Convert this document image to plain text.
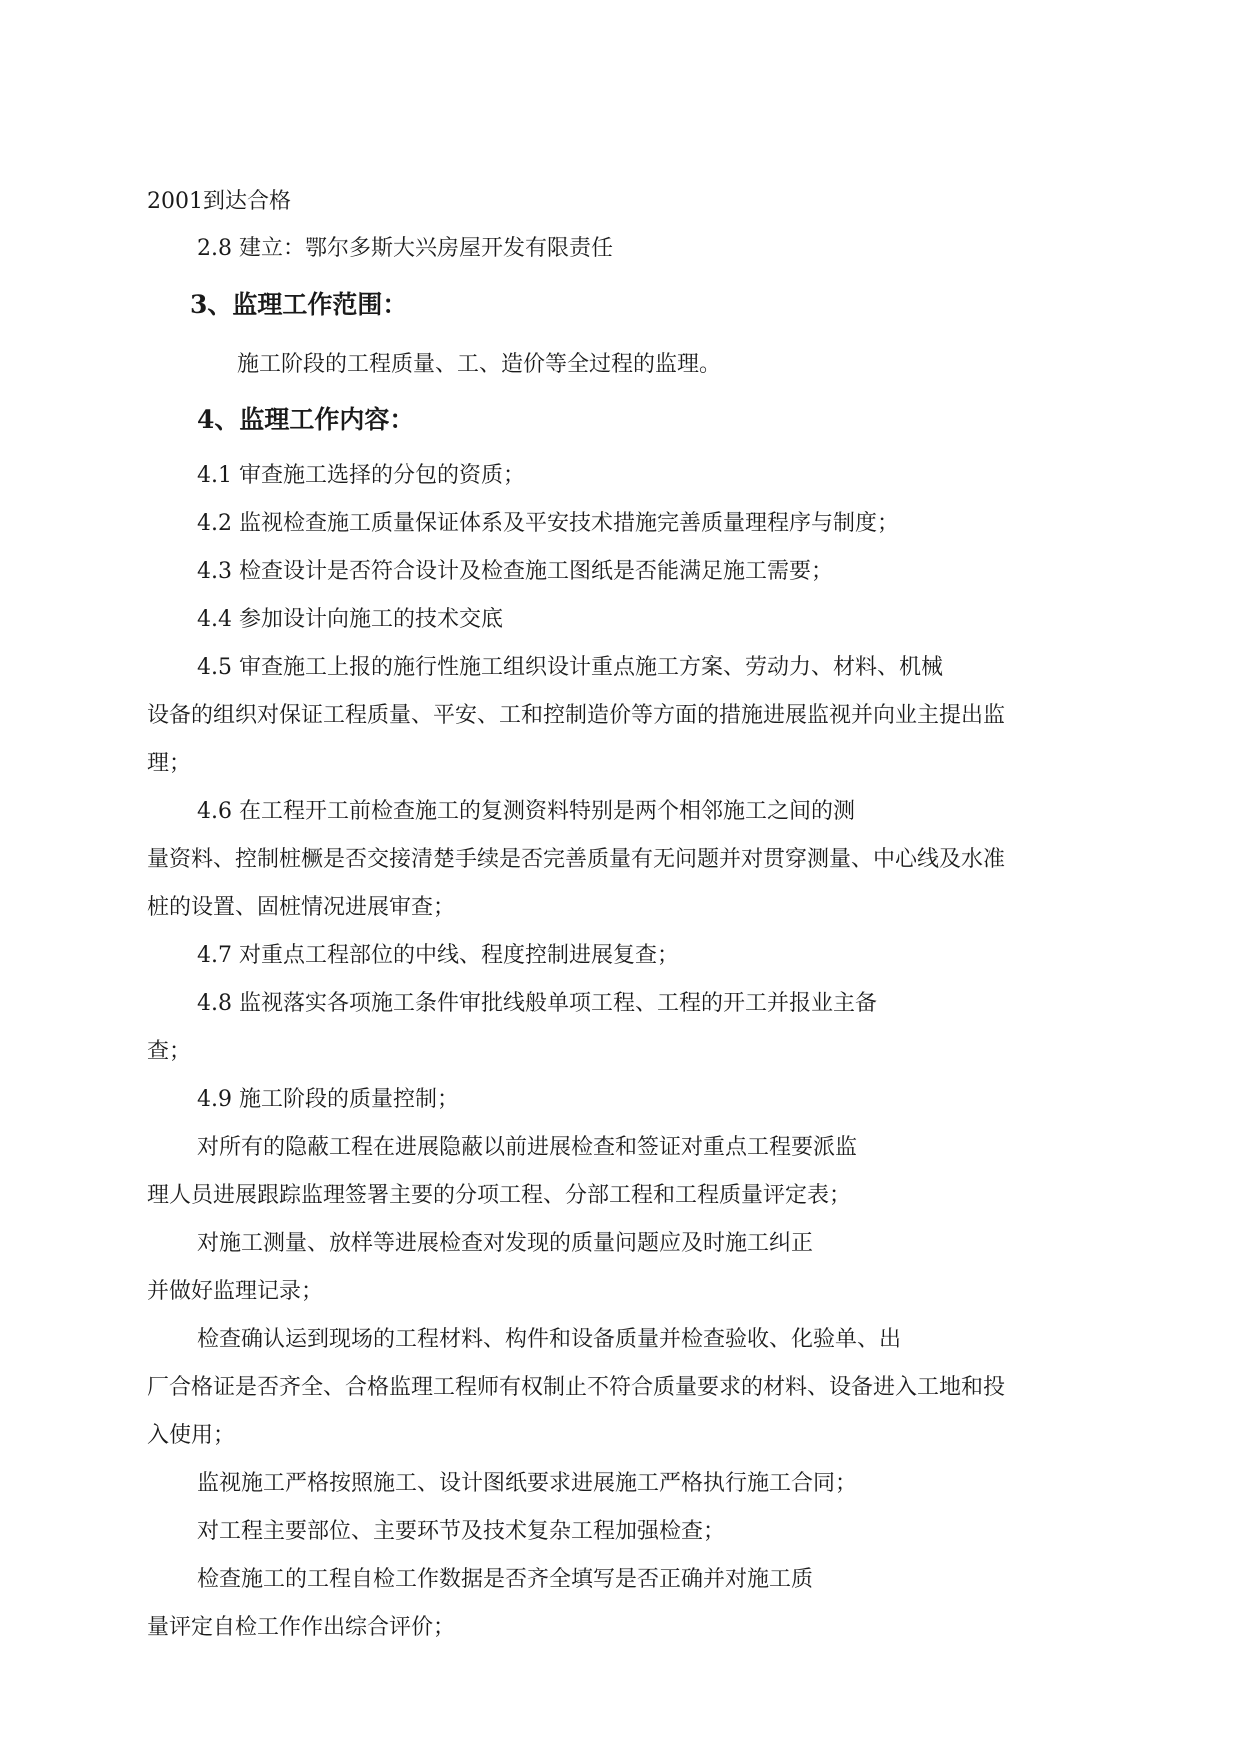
2001到达合格
2.8 建立：鄂尔多斯大兴房屋开发有限责任
3、监理工作范围：
施工阶段的工程质量、工、造价等全过程的监理。
4、监理工作内容：
4.1 审查施工选择的分包的资质；
4.2 监视检查施工质量保证体系及平安技术措施完善质量理程序与制度；
4.3 检查设计是否符合设计及检查施工图纸是否能满足施工需要；
4.4 参加设计向施工的技术交底
4.5 审查施工上报的施行性施工组织设计重点施工方案、劳动力、材料、机械
设备的组织对保证工程质量、平安、工和控制造价等方面的措施进展监视并向业主提出监
理；
4.6 在工程开工前检查施工的复测资料特别是两个相邻施工之间的测
量资料、控制桩橛是否交接清楚手续是否完善质量有无问题并对贯穿测量、中心线及水准
桩的设置、固桩情况进展审查；
4.7 对重点工程部位的中线、程度控制进展复查；
4.8 监视落实各项施工条件审批线般单项工程、工程的开工并报业主备
查；
4.9 施工阶段的质量控制；
对所有的隐蔽工程在进展隐蔽以前进展检查和签证对重点工程要派监
理人员进展跟踪监理签署主要的分项工程、分部工程和工程质量评定表；
对施工测量、放样等进展检查对发现的质量问题应及时施工纠正
并做好监理记录；
检查确认运到现场的工程材料、构件和设备质量并检查验收、化验单、出
厂合格证是否齐全、合格监理工程师有权制止不符合质量要求的材料、设备进入工地和投
入使用；
监视施工严格按照施工、设计图纸要求进展施工严格执行施工合同；
对工程主要部位、主要环节及技术复杂工程加强检查；
检查施工的工程自检工作数据是否齐全填写是否正确并对施工质
量评定自检工作作出综合评价；
